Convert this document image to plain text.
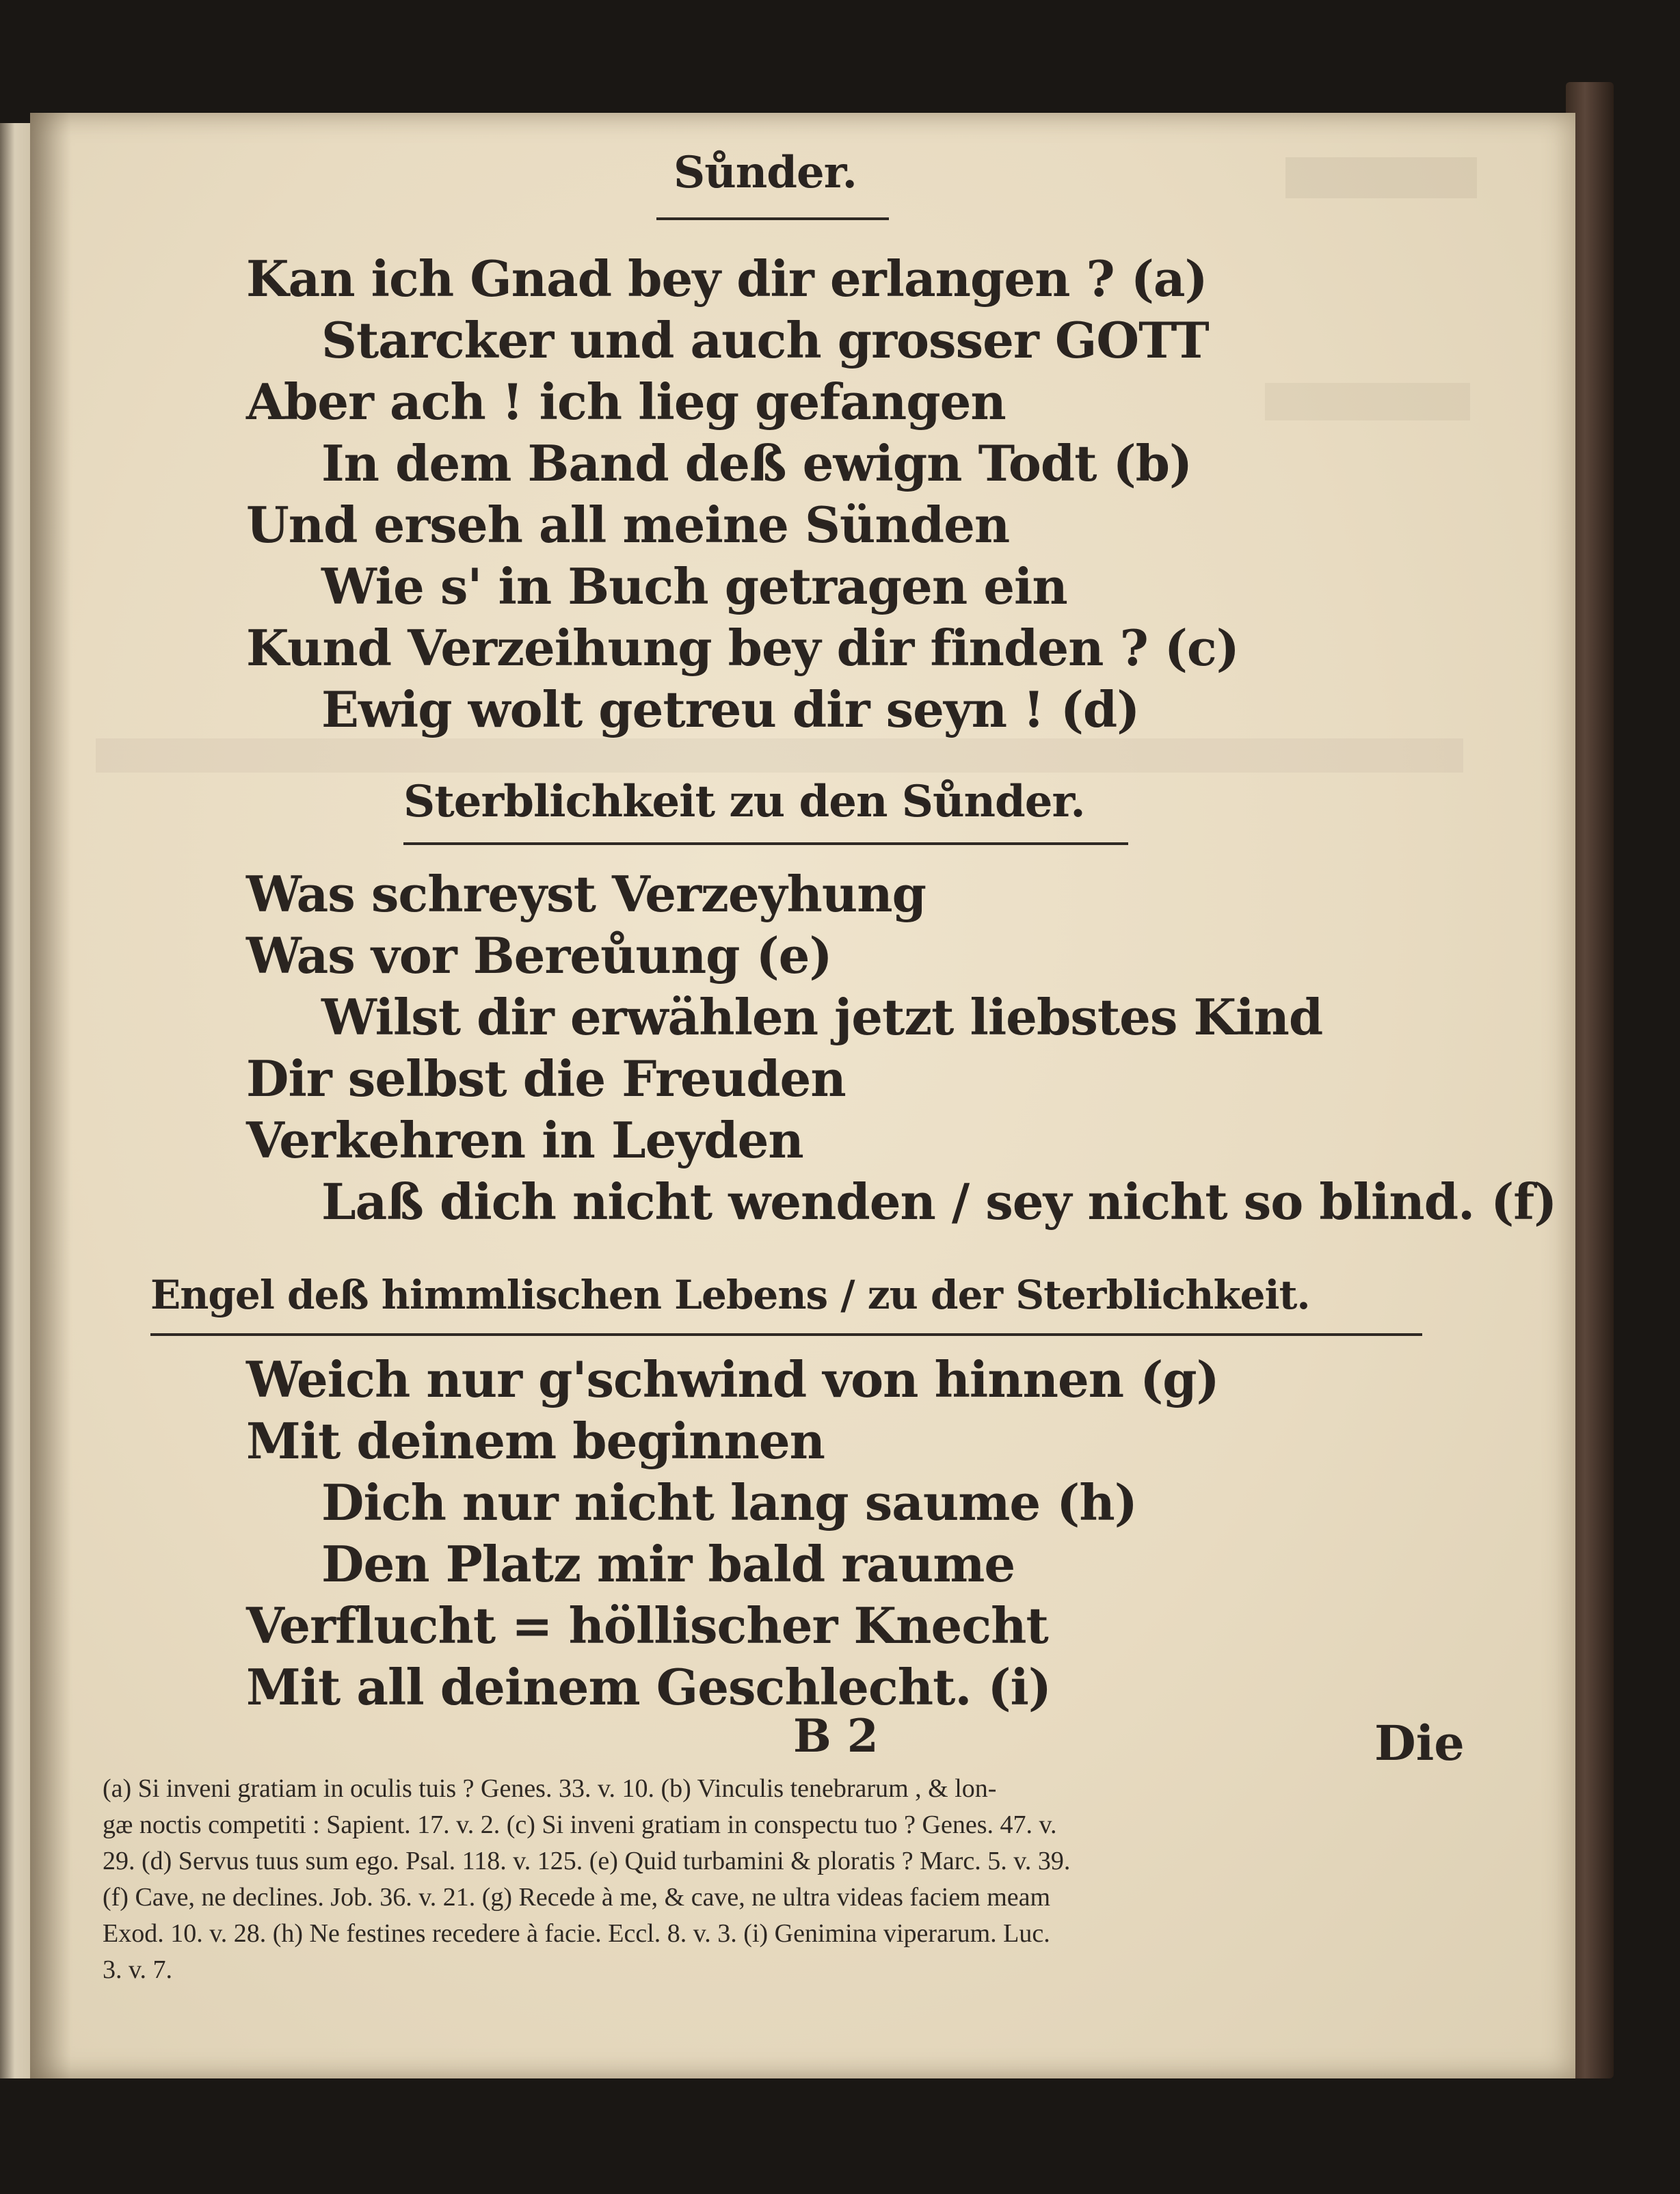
Sůnder.
Kan ich Gnad bey dir erlangen ? (a)
Starcker und auch grosser GOTT
Aber ach ! ich lieg gefangen
In dem Band deß ewign Todt (b)
Und erseh all meine Sünden
Wie s' in Buch getragen ein
Kund Verzeihung bey dir finden ? (c)
Ewig wolt getreu dir seyn ! (d)
Sterblichkeit zu den Sůnder.
Was schreyst Verzeyhung
Was vor Bereůung (e)
Wilst dir erwählen jetzt liebstes Kind
Dir selbst die Freuden
Verkehren in Leyden
Laß dich nicht wenden / sey nicht so blind. (f)
Engel deß himmlischen Lebens / zu der Sterblichkeit.
Weich nur g'schwind von hinnen (g)
Mit deinem beginnen
Dich nur nicht lang saume (h)
Den Platz mir bald raume
Verflucht = höllischer Knecht
Mit all deinem Geschlecht. (i)
B 2	Die
(a) Si inveni gratiam in oculis tuis ? Genes. 33. v. 10. (b) Vinculis tenebrarum , & lon-
gæ noctis competiti : Sapient. 17. v. 2. (c) Si inveni gratiam in conspectu tuo ? Genes. 47. v.
29. (d) Servus tuus sum ego. Psal. 118. v. 125. (e) Quid turbamini & ploratis ? Marc. 5. v. 39.
(f) Cave, ne declines. Job. 36. v. 21. (g) Recede à me, & cave, ne ultra videas faciem meam
Exod. 10. v. 28. (h) Ne festines recedere à facie. Eccl. 8. v. 3. (i) Genimina viperarum. Luc.
3. v. 7.
